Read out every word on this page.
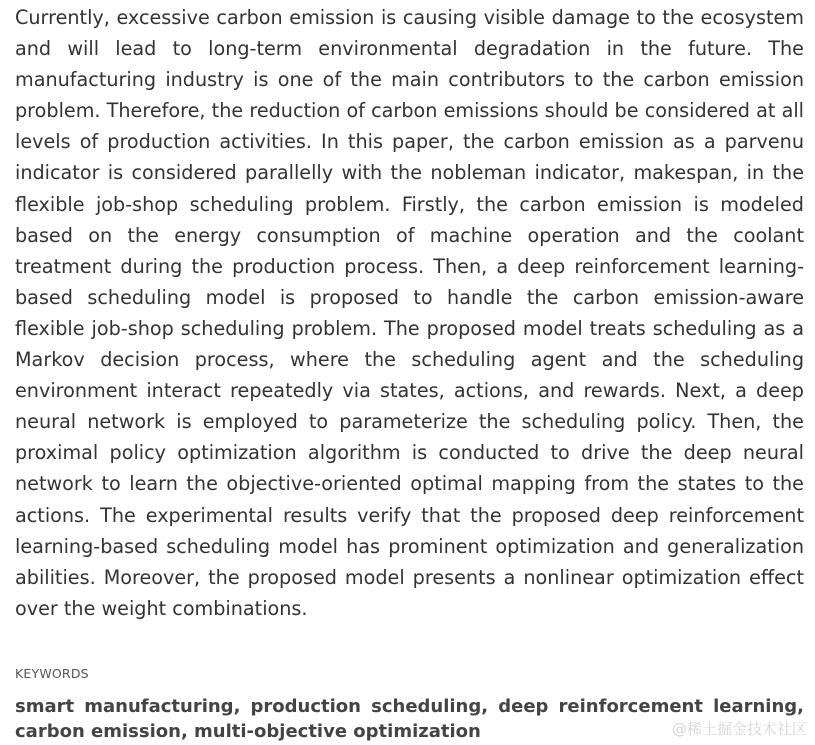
Currently, excessive carbon emission is causing visible damage to the ecosystem and will lead to long-term environmental degradation in the future. The manufacturing industry is one of the main contributors to the carbon emission problem. Therefore, the reduction of carbon emissions should be considered at all levels of production activities. In this paper, the carbon emission as a parvenu indicator is considered parallelly with the nobleman indicator, makespan, in the flexible job-shop scheduling problem. Firstly, the carbon emission is modeled based on the energy consumption of machine operation and the coolant treatment during the production process. Then, a deep reinforcement learning-based scheduling model is proposed to handle the carbon emission-aware flexible job-shop scheduling problem. The proposed model treats scheduling as a Markov decision process, where the scheduling agent and the scheduling environment interact repeatedly via states, actions, and rewards. Next, a deep neural network is employed to parameterize the scheduling policy. Then, the proximal policy optimization algorithm is conducted to drive the deep neural network to learn the objective-oriented optimal mapping from the states to the actions. The experimental results verify that the proposed deep reinforcement learning-based scheduling model has prominent optimization and generalization abilities. Moreover, the proposed model presents a nonlinear optimization effect over the weight combinations.

KEYWORDS

smart manufacturing, production scheduling, deep reinforcement learning, carbon emission, multi-objective optimization	@稀土掘金技术社区
